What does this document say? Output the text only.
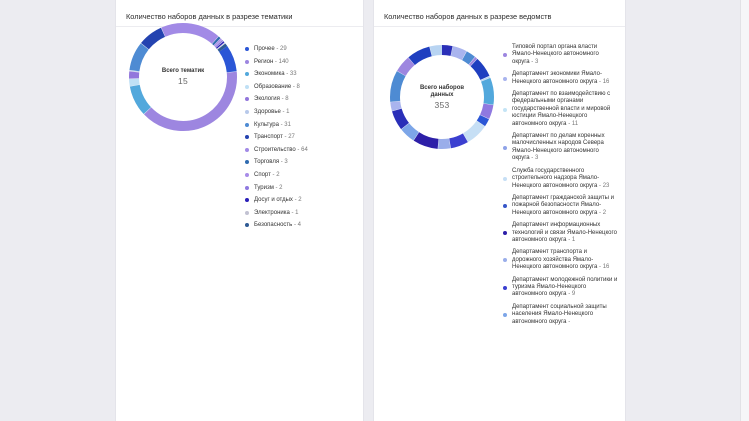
Количество наборов данных в разрезе тематики
Всего тематик
15
Прочее - 29
Регион - 140
Экономика - 33
Образование - 8
Экология - 8
Здоровье - 1
Культура - 31
Транспорт - 27
Строительство - 64
Торговля - 3
Спорт - 2
Туризм - 2
Досуг и отдых - 2
Электроника - 1
Безопасность - 4
Количество наборов данных в разрезе ведомств
Всего наборов данных
353
Типовой портал органа власти Ямало-Ненецкого автономного округа - 3
Департамент экономики Ямало-Ненецкого автономного округа - 16
Департамент по взаимодействию с федеральными органами государственной власти и мировой юстиции Ямало-Ненецкого автономного округа - 11
Департамент по делам коренных малочисленных народов Севера Ямало-Ненецкого автономного округа - 3
Служба государственного строительного надзора Ямало-Ненецкого автономного округа - 23
Департамент гражданской защиты и пожарной безопасности Ямало-Ненецкого автономного округа - 2
Департамент информационных технологий и связи Ямало-Ненецкого автономного округа - 1
Департамент транспорта и дорожного хозяйства Ямало-Ненецкого автономного округа - 16
Департамент молодежной политики и туризма Ямало-Ненецкого автономного округа - 9
Департамент социальной защиты населения Ямало-Ненецкого автономного округа -
